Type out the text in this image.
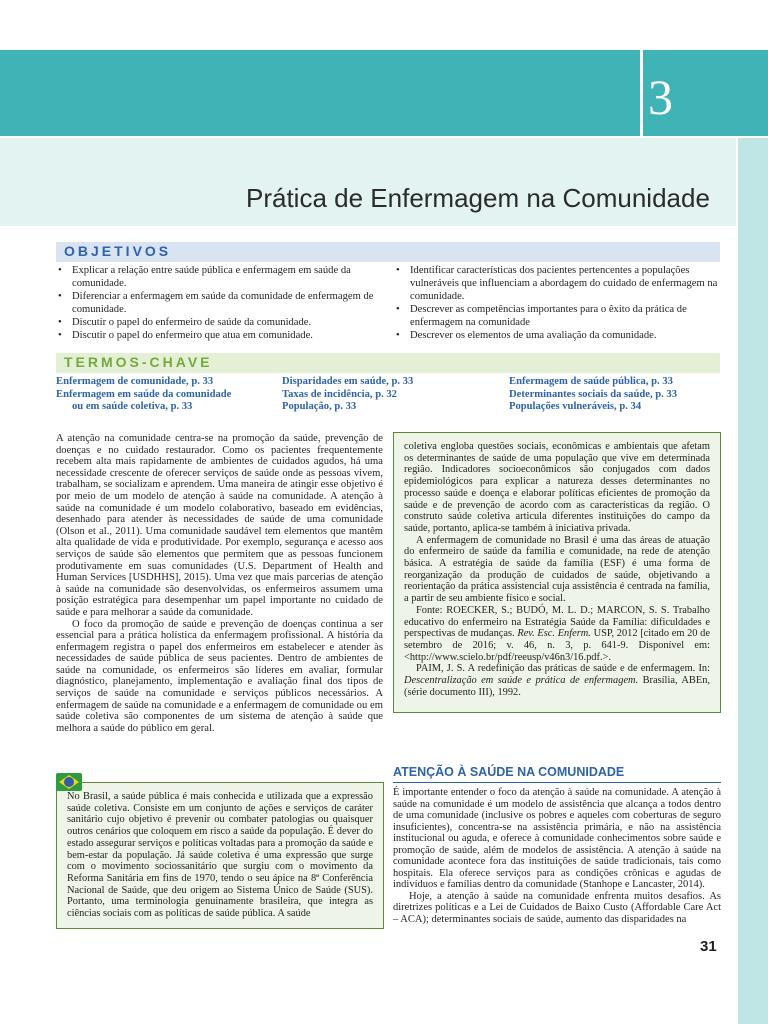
3
Prática de Enfermagem na Comunidade
OBJETIVOS
• Explicar a relação entre saúde pública e enfermagem em saúde da comunidade.
• Diferenciar a enfermagem em saúde da comunidade de enfermagem de comunidade.
• Discutir o papel do enfermeiro de saúde da comunidade.
• Discutir o papel do enfermeiro que atua em comunidade.
• Identificar características dos pacientes pertencentes a populações vulneráveis que influenciam a abordagem do cuidado de enfermagem na comunidade.
• Descrever as competências importantes para o êxito da prática de enfermagem na comunidade
• Descrever os elementos de uma avaliação da comunidade.
TERMOS-CHAVE
Enfermagem de comunidade, p. 33
Enfermagem em saúde da comunidade
ou em saúde coletiva, p. 33
Disparidades em saúde, p. 33
Taxas de incidência, p. 32
População, p. 33
Enfermagem de saúde pública, p. 33
Determinantes sociais da saúde, p. 33
Populações vulneráveis, p. 34

A atenção na comunidade centra-se na promoção da saúde, prevenção de doenças e no cuidado restaurador. Como os pacientes frequentemente recebem alta mais rapidamente de ambientes de cuidados agudos, há uma necessidade crescente de oferecer serviços de saúde onde as pessoas vivem, trabalham, se socializam e aprendem. Uma maneira de atingir esse objetivo é por meio de um modelo de atenção à saúde na comunidade. A atenção à saúde na comunidade é um modelo colaborativo, baseado em evidências, desenhado para atender às necessidades de saúde de uma comunidade (Olson et al., 2011). Uma comunidade saudável tem elementos que mantêm alta qualidade de vida e produtividade. Por exemplo, segurança e acesso aos serviços de saúde são elementos que permitem que as pessoas funcionem produtivamente em suas comunidades (U.S. Department of Health and Human Services [USDHHS], 2015). Uma vez que mais parcerias de atenção à saúde na comunidade são desenvolvidas, os enfermeiros assumem uma posição estratégica para desempenhar um papel importante no cuidado de saúde e para melhorar a saúde da comunidade.

O foco da promoção de saúde e prevenção de doenças continua a ser essencial para a prática holística da enfermagem profissional. A história da enfermagem registra o papel dos enfermeiros em estabelecer e atender às necessidades de saúde pública de seus pacientes. Dentro de ambientes de saúde na comunidade, os enfermeiros são líderes em avaliar, formular diagnóstico, planejamento, implementação e avaliação final dos tipos de serviços de saúde na comunidade e serviços públicos necessários. A enfermagem de saúde na comunidade e a enfermagem de comunidade ou em saúde coletiva são componentes de um sistema de atenção à saúde que melhora a saúde do público em geral.

coletiva engloba questões sociais, econômicas e ambientais que afetam os determinantes de saúde de uma população que vive em determinada região. Indicadores socioeconômicos são conjugados com dados epidemiológicos para explicar a natureza desses determinantes no processo saúde e doença e elaborar políticas eficientes de promoção da saúde e de prevenção de acordo com as características da região. O construto saúde coletiva articula diferentes instituições do campo da saúde, portanto, aplica-se também à iniciativa privada.

A enfermagem de comunidade no Brasil é uma das áreas de atuação do enfermeiro de saúde da família e comunidade, na rede de atenção básica. A estratégia de saúde da família (ESF) é uma forma de reorganização da produção de cuidados de saúde, objetivando a reorientação da prática assistencial cuja assistência é centrada na família, a partir de seu ambiente físico e social.

Fonte: ROECKER, S.; BUDÓ, M. L. D.; MARCON, S. S. Trabalho educativo do enfermeiro na Estratégia Saúde da Família: dificuldades e perspectivas de mudanças. Rev. Esc. Enferm. USP, 2012 [citado em 20 de setembro de 2016; v. 46, n. 3, p. 641-9. Disponível em: <http://www.scielo.br/pdf/reeusp/v46n3/16.pdf.>.

PAIM, J. S. A redefinição das práticas de saúde e de enfermagem. In: Descentralização em saúde e prática de enfermagem. Brasília, ABEn, (série documento III), 1992.

No Brasil, a saúde pública é mais conhecida e utilizada que a expressão saúde coletiva. Consiste em um conjunto de ações e serviços de caráter sanitário cujo objetivo é prevenir ou combater patologias ou quaisquer outros cenários que coloquem em risco a saúde da população. É dever do estado assegurar serviços e políticas voltadas para a promoção da saúde e bem-estar da população. Já saúde coletiva é uma expressão que surge com o movimento sociossanitário que surgiu com o movimento da Reforma Sanitária em fins de 1970, tendo o seu ápice na 8ª Conferência Nacional de Saúde, que deu origem ao Sistema Único de Saúde (SUS). Portanto, uma terminologia genuinamente brasileira, que integra as ciências sociais com as políticas de saúde pública. A saúde

ATENÇÃO À SAÚDE NA COMUNIDADE

É importante entender o foco da atenção à saúde na comunidade. A atenção à saúde na comunidade é um modelo de assistência que alcança a todos dentro de uma comunidade (inclusive os pobres e aqueles com coberturas de seguro insuficientes), concentra-se na assistência primária, e não na assistência institucional ou aguda, e oferece à comunidade conhecimentos sobre saúde e promoção de saúde, além de modelos de assistência. A atenção à saúde na comunidade acontece fora das instituições de saúde tradicionais, tais como hospitais. Ela oferece serviços para as condições crônicas e agudas de indivíduos e famílias dentro da comunidade (Stanhope e Lancaster, 2014).

Hoje, a atenção à saúde na comunidade enfrenta muitos desafios. As diretrizes políticas e a Lei de Cuidados de Baixo Custo (Affordable Care Act – ACA); determinantes sociais de saúde, aumento das disparidades na

31
